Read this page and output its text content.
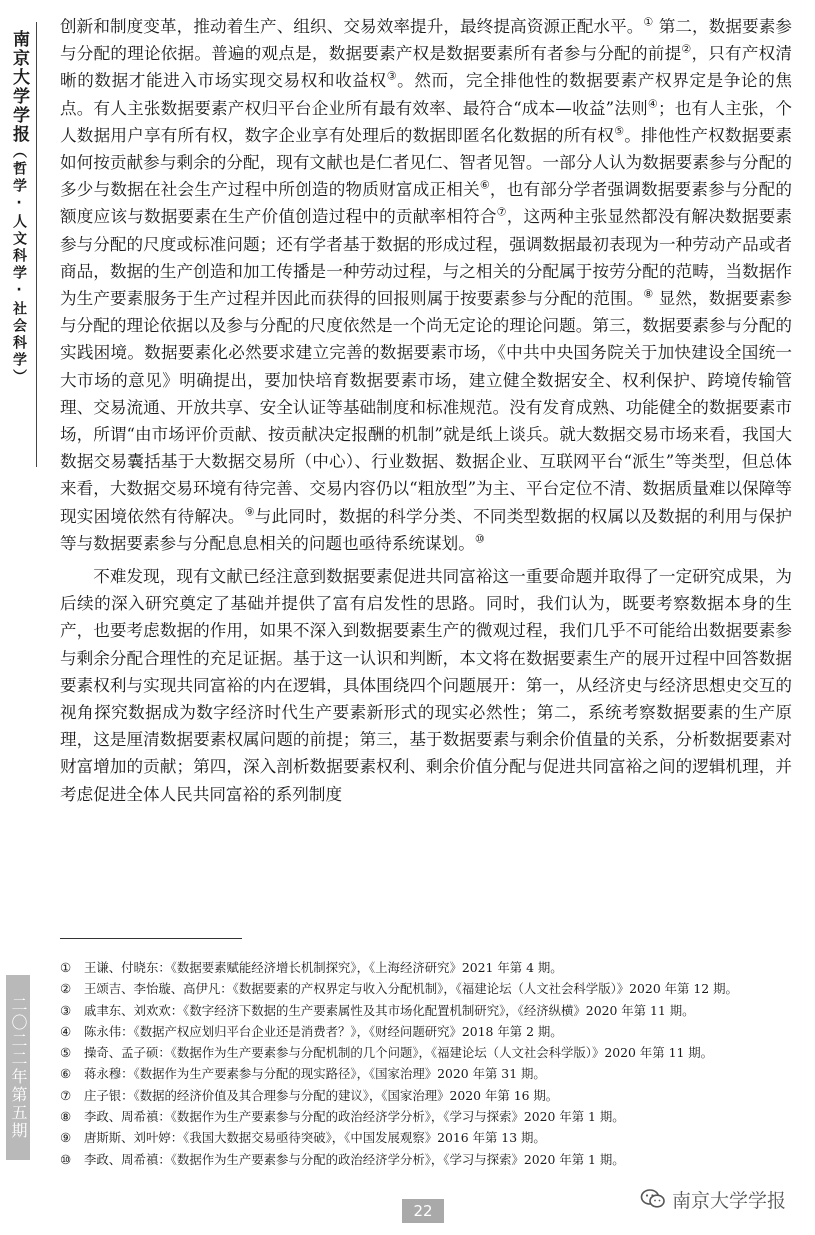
南京大学学报（哲学·人文科学·社会科学）
二〇二二年第五期

创新和制度变革，推动着生产、组织、交易效率提升，最终提高资源正配水平。① 第二，数据要素参与分配的理论依据。普遍的观点是，数据要素产权是数据要素所有者参与分配的前提②，只有产权清晰的数据才能进入市场实现交易权和收益权③。然而，完全排他性的数据要素产权界定是争论的焦点。有人主张数据要素产权归平台企业所有最有效率、最符合“成本—收益”法则④；也有人主张，个人数据用户享有所有权，数字企业享有处理后的数据即匿名化数据的所有权⑤。排他性产权数据要素如何按贡献参与剩余的分配，现有文献也是仁者见仁、智者见智。一部分人认为数据要素参与分配的多少与数据在社会生产过程中所创造的物质财富成正相关⑥，也有部分学者强调数据要素参与分配的额度应该与数据要素在生产价值创造过程中的贡献率相符合⑦，这两种主张显然都没有解决数据要素参与分配的尺度或标准问题；还有学者基于数据的形成过程，强调数据最初表现为一种劳动产品或者商品，数据的生产创造和加工传播是一种劳动过程，与之相关的分配属于按劳分配的范畴，当数据作为生产要素服务于生产过程并因此而获得的回报则属于按要素参与分配的范围。⑧ 显然，数据要素参与分配的理论依据以及参与分配的尺度依然是一个尚无定论的理论问题。第三，数据要素参与分配的实践困境。数据要素化必然要求建立完善的数据要素市场，《中共中央国务院关于加快建设全国统一大市场的意见》明确提出，要加快培育数据要素市场，建立健全数据安全、权利保护、跨境传输管理、交易流通、开放共享、安全认证等基础制度和标准规范。没有发育成熟、功能健全的数据要素市场，所谓“由市场评价贡献、按贡献决定报酬的机制”就是纸上谈兵。就大数据交易市场来看，我国大数据交易囊括基于大数据交易所（中心）、行业数据、数据企业、互联网平台“派生”等类型，但总体来看，大数据交易环境有待完善、交易内容仍以“粗放型”为主、平台定位不清、数据质量难以保障等现实困境依然有待解决。⑨与此同时，数据的科学分类、不同类型数据的权属以及数据的利用与保护等与数据要素参与分配息息相关的问题也亟待系统谋划。⑩

不难发现，现有文献已经注意到数据要素促进共同富裕这一重要命题并取得了一定研究成果，为后续的深入研究奠定了基础并提供了富有启发性的思路。同时，我们认为，既要考察数据本身的生产，也要考虑数据的作用，如果不深入到数据要素生产的微观过程，我们几乎不可能给出数据要素参与剩余分配合理性的充足证据。基于这一认识和判断，本文将在数据要素生产的展开过程中回答数据要素权利与实现共同富裕的内在逻辑，具体围绕四个问题展开：第一，从经济史与经济思想史交互的视角探究数据成为数字经济时代生产要素新形式的现实必然性；第二，系统考察数据要素的生产原理，这是厘清数据要素权属问题的前提；第三，基于数据要素与剩余价值量的关系，分析数据要素对财富增加的贡献；第四，深入剖析数据要素权利、剩余价值分配与促进共同富裕之间的逻辑机理，并考虑促进全体人民共同富裕的系列制度

①	王谦、付晓东：《数据要素赋能经济增长机制探究》，《上海经济研究》2021 年第 4 期。
②	王颂吉、李怡璇、高伊凡：《数据要素的产权界定与收入分配机制》，《福建论坛（人文社会科学版）》2020 年第 12 期。
③	戚聿东、刘欢欢：《数字经济下数据的生产要素属性及其市场化配置机制研究》，《经济纵横》2020 年第 11 期。
④	陈永伟：《数据产权应划归平台企业还是消费者？》，《财经问题研究》2018 年第 2 期。
⑤	操奇、孟子硕：《数据作为生产要素参与分配机制的几个问题》，《福建论坛（人文社会科学版）》2020 年第 11 期。
⑥	蒋永穆：《数据作为生产要素参与分配的现实路径》，《国家治理》2020 年第 31 期。
⑦	庄子银：《数据的经济价值及其合理参与分配的建议》，《国家治理》2020 年第 16 期。
⑧	李政、周希禛：《数据作为生产要素参与分配的政治经济学分析》，《学习与探索》2020 年第 1 期。
⑨	唐斯斯、刘叶婷：《我国大数据交易亟待突破》，《中国发展观察》2016 年第 13 期。
⑩	李政、周希禛：《数据作为生产要素参与分配的政治经济学分析》，《学习与探索》2020 年第 1 期。
22	南京大学学报
